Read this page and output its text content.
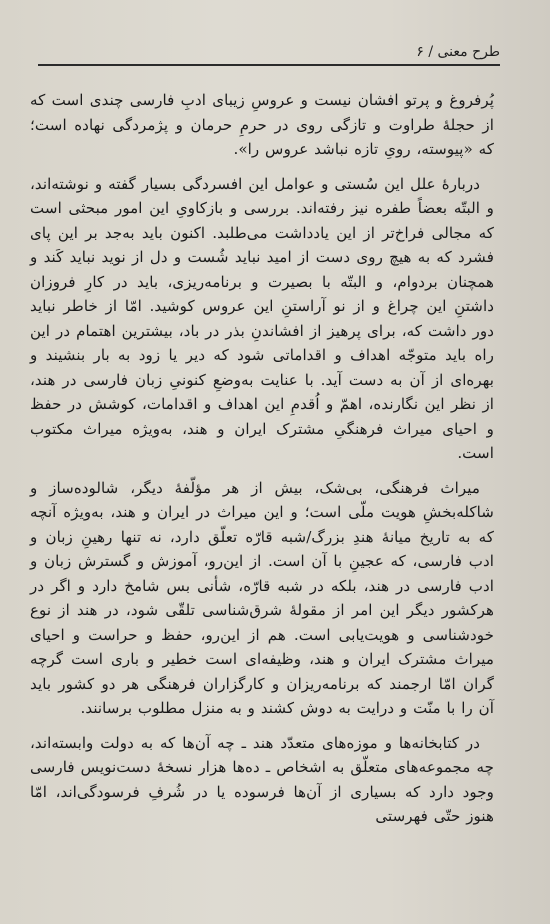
طرح معنی / ۶

پُرفروغ و پرتو افشان نیست و عروسِ زیبای ادبِ فارسی چندی است که از حجلهٔ طراوت و تازگی روی در حرمِ حرمان و پژمردگی نهاده است؛ که «پیوسته، رویِ تازه نباشد عروس را».

دربارهٔ علل این سُستی و عوامل این افسردگی بسیار گفته و نوشته‌اند، و البتّه بعضاً طفره نیز رفته‌اند. بررسی و بازکاویِ این امور مبحثی است که مجالی فراخ‌تر از این یادداشت می‌طلبد. اکنون باید به‌جد بر این پای فشرد که به هیچ روی دست از امید نباید شُست و دل از نوید نباید کَند و همچنان بردوام، و البتّه با بصیرت و برنامه‌ریزی، باید در کارِ فروزان داشتنِ این چراغ و از نو آراستنِ این عروس کوشید. امّا از خاطر نباید دور داشت که، برای پرهیز از افشاندنِ بذر در باد، بیشترین اهتمام در این راه باید متوجّه اهداف و اقداماتی شود که دیر یا زود به بار بنشیند و بهره‌ای از آن به دست آید. با عنایت به‌وضعِ کنونیِ زبان فارسی در هند، از نظر این نگارنده، اهمّ و اُقدمِ این اهداف و اقدامات، کوشش در حفظ و احیای میراث فرهنگیِ مشترک ایران و هند، به‌ویژه میراث مکتوب است.

میراث فرهنگی، بی‌شک، بیش از هر مؤلّفهٔ دیگر، شالوده‌ساز و شاکله‌بخشِ هویت ملّی است؛ و این میراث در ایران و هند، به‌ویژه آنچه که به تاریخ میانهٔ هندِ بزرگ/شبه قارّه تعلّق دارد، نه تنها رهینِ زبان و ادب فارسی، که عجینِ با آن است. از این‌رو، آموزش و گسترش زبان و ادب فارسی در هند، بلکه در شبه قارّه، شأنی بس شامخ دارد و اگر در هرکشور دیگر این امر از مقولهٔ شرق‌شناسی تلقّی شود، در هند از نوع خودشناسی و هویت‌یابی است. هم از این‌رو، حفظ و حراست و احیای میراث مشترک ایران و هند، وظیفه‌ای است خطیر و باری است گرچه گران امّا ارجمند که برنامه‌ریزان و کارگزاران فرهنگی هر دو کشور باید آن را با منّت و درایت به دوش کشند و به منزل مطلوب برسانند.

در کتابخانه‌ها و موزه‌های متعدّد هند ـ چه آن‌ها که به دولت وابسته‌اند، چه مجموعه‌های متعلّق به اشخاص ـ ده‌ها هزار نسخهٔ دست‌نویس فارسی وجود دارد که بسیاری از آن‌ها فرسوده یا در شُرفِ فرسودگی‌اند، امّا هنوز حتّی فهرستی
